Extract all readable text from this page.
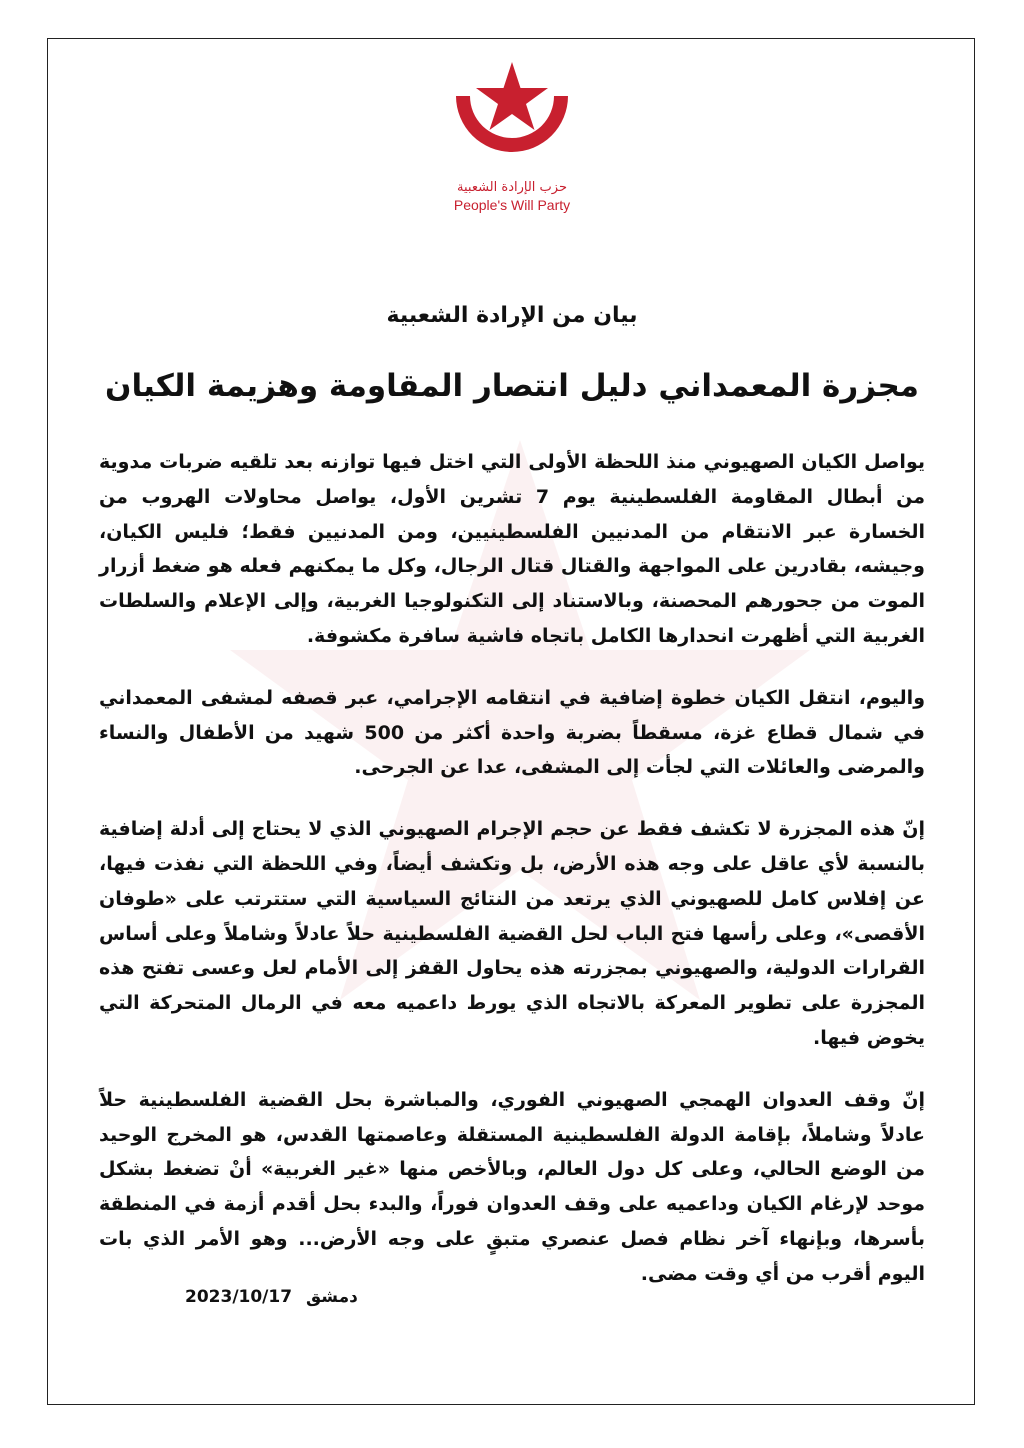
حزب الإرادة الشعبية
People's Will Party
بيان من الإرادة الشعبية
مجزرة المعمداني دليل انتصار المقاومة وهزيمة الكيان

يواصل الكيان الصهيوني منذ اللحظة الأولى التي اختل فيها توازنه بعد تلقيه ضربات مدوية من أبطال المقاومة الفلسطينية يوم 7 تشرين الأول، يواصل محاولات الهروب من الخسارة عبر الانتقام من المدنيين الفلسطينيين، ومن المدنيين فقط؛ فليس الكيان، وجيشه، بقادرين على المواجهة والقتال قتال الرجال، وكل ما يمكنهم فعله هو ضغط أزرار الموت من جحورهم المحصنة، وبالاستناد إلى التكنولوجيا الغربية، وإلى الإعلام والسلطات الغربية التي أظهرت انحدارها الكامل باتجاه فاشية سافرة مكشوفة.

واليوم، انتقل الكيان خطوة إضافية في انتقامه الإجرامي، عبر قصفه لمشفى المعمداني في شمال قطاع غزة، مسقطاً بضربة واحدة أكثر من 500 شهيد من الأطفال والنساء والمرضى والعائلات التي لجأت إلى المشفى، عدا عن الجرحى.

إنّ هذه المجزرة لا تكشف فقط عن حجم الإجرام الصهيوني الذي لا يحتاج إلى أدلة إضافية بالنسبة لأي عاقل على وجه هذه الأرض، بل وتكشف أيضاً، وفي اللحظة التي نفذت فيها، عن إفلاس كامل للصهيوني الذي يرتعد من النتائج السياسية التي ستترتب على «طوفان الأقصى»، وعلى رأسها فتح الباب لحل القضية الفلسطينية حلاً عادلاً وشاملاً وعلى أساس القرارات الدولية، والصهيوني بمجزرته هذه يحاول القفز إلى الأمام لعل وعسى تفتح هذه المجزرة على تطوير المعركة بالاتجاه الذي يورط داعميه معه في الرمال المتحركة التي يخوض فيها.

إنّ وقف العدوان الهمجي الصهيوني الفوري، والمباشرة بحل القضية الفلسطينية حلاً عادلاً وشاملاً، بإقامة الدولة الفلسطينية المستقلة وعاصمتها القدس، هو المخرج الوحيد من الوضع الحالي، وعلى كل دول العالم، وبالأخص منها «غير الغربية» أنْ تضغط بشكل موحد لإرغام الكيان وداعميه على وقف العدوان فوراً، والبدء بحل أقدم أزمة في المنطقة بأسرها، وبإنهاء آخر نظام فصل عنصري متبقٍ على وجه الأرض... وهو الأمر الذي بات اليوم أقرب من أي وقت مضى.

دمشق 2023/10/17
